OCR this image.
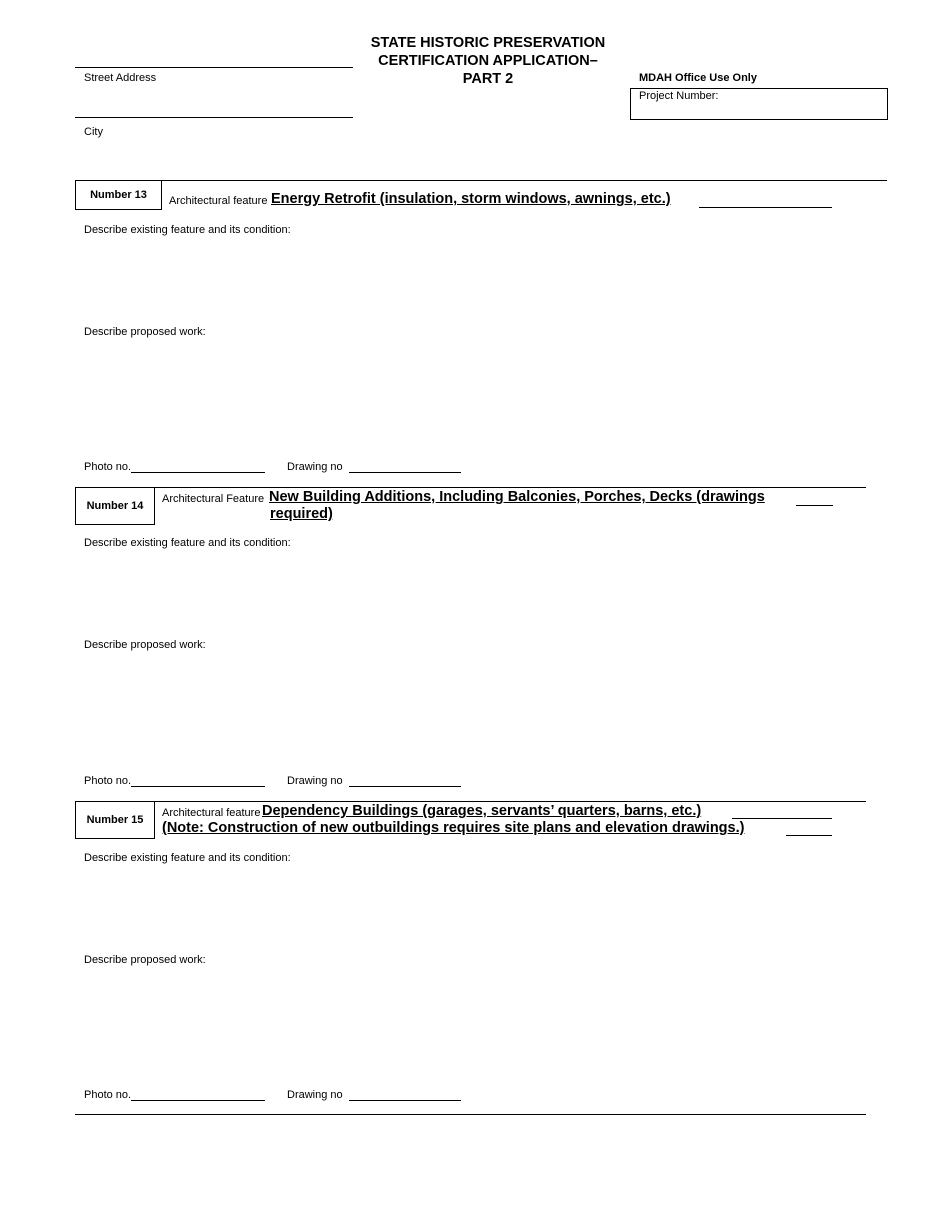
STATE HISTORIC PRESERVATION
CERTIFICATION APPLICATION–
PART 2
Street Address
City
MDAH Office Use Only
Project Number:
Number 13	Architectural feature Energy Retrofit (insulation, storm windows, awnings, etc.)
Describe existing feature and its condition:
Describe proposed work:
Photo no.	Drawing no
Number 14
Architectural Feature New Building Additions, Including Balconies, Porches, Decks (drawings
required)
Describe existing feature and its condition:
Describe proposed work:
Photo no.	Drawing no
Number 15
Architectural feature Dependency Buildings (garages, servants’ quarters, barns, etc.)
(Note: Construction of new outbuildings requires site plans and elevation drawings.)
Describe existing feature and its condition:
Describe proposed work:
Photo no.	Drawing no
